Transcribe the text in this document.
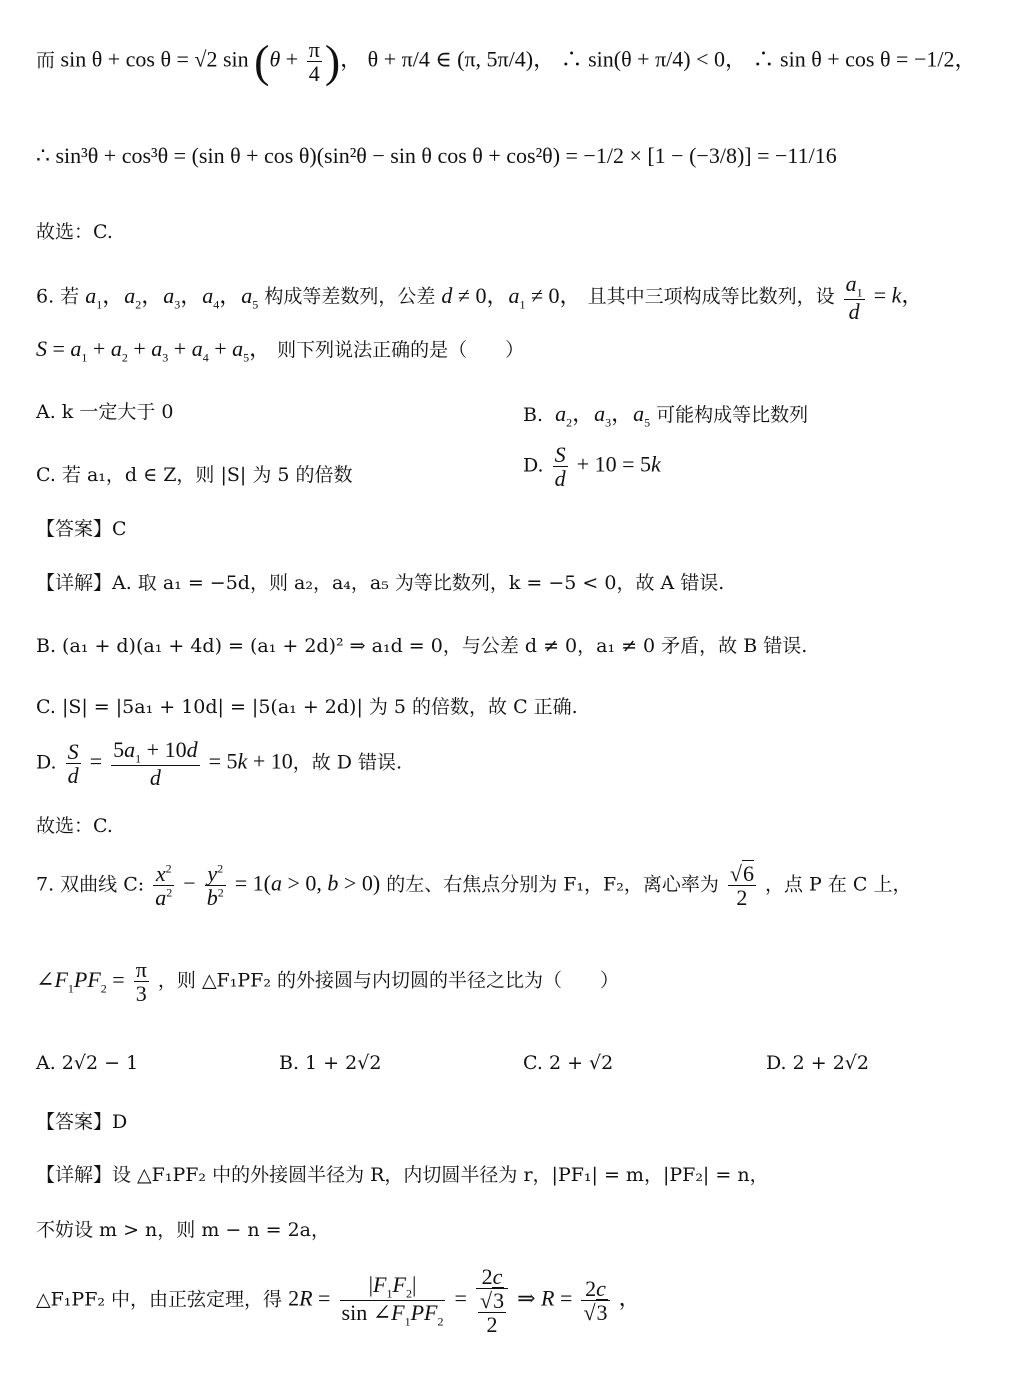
而 sin θ + cos θ = √2 $\sin (\theta + \frac{\pi}{4}$ )， θ + π/4 ∈ (π, 5π/4)， ∴ sin(θ + π/4) < 0， ∴ sin θ + cos θ = −1/2，
∴ sin³θ + cos³θ = (sin θ + cos θ)(sin²θ − sin θ cos θ + cos²θ) = −1/2 × [1 − (−3/8)] = −11/16
故选：C.
6. 若 $a_1$，$a_2$，$a_3$，$a_4$，$a_5$ 构成等差数列，公差 d ≠ 0，$a_1 \ne 0$， 且其中三项构成等比数列，设 $\frac{a_1}{d} = k$，
$S = a_1 + a_2 + a_3 + a_4 + a_5$， 则下列说法正确的是（　　）
A. k 一定大于 0	B.  $a_2$，$a_3$，$a_5$ 可能构成等比数列
C. 若 a₁，d ∈ Z，则 |S| 为 5 的倍数	D. $\frac{S}{d} + 10 = 5k$
【答案】C
【详解】A. 取 a₁ = −5d，则 a₂，a₄，a₅ 为等比数列，k = −5 < 0，故 A 错误.
B. (a₁ + d)(a₁ + 4d) = (a₁ + 2d)² ⇒ a₁d = 0，与公差 d ≠ 0，a₁ ≠ 0 矛盾，故 B 错误.
C. |S| = |5a₁ + 10d| = |5(a₁ + 2d)| 为 5 的倍数，故 C 正确.
D. $\frac{S}{d} = \frac{5a_1 + 10d}{d} = 5k + 10$，故 D 错误.
故选：C.
7. 双曲线 C: $\frac{x^2}{a^2} - \frac{y^2}{b^2} = 1(a > 0$, b > 0) 的左、右焦点分别为 F₁，F₂，离心率为 $\frac{√6}{2}$ ，点 P 在 C 上，
$\angle F_1PF_2 = \frac{\pi}{3}$ ，则 △F₁PF₂ 的外接圆与内切圆的半径之比为（　　）
A. 2√2 − 1	B. 1 + 2√2	C. 2 + √2	D. 2 + 2√2
【答案】D
【详解】设 △F₁PF₂ 中的外接圆半径为 R，内切圆半径为 r，|PF₁| = m，|PF₂| = n，
不妨设 m > n，则 m − n = 2a，
△F₁PF₂ 中，由正弦定理，得 $2R = \frac{|F_1F_2|}{\sin \angle F_1PF_2} = \frac{2c}{\frac{√3}{2}}$ ⇒ $R = \frac{2c}{√3}$ ，
